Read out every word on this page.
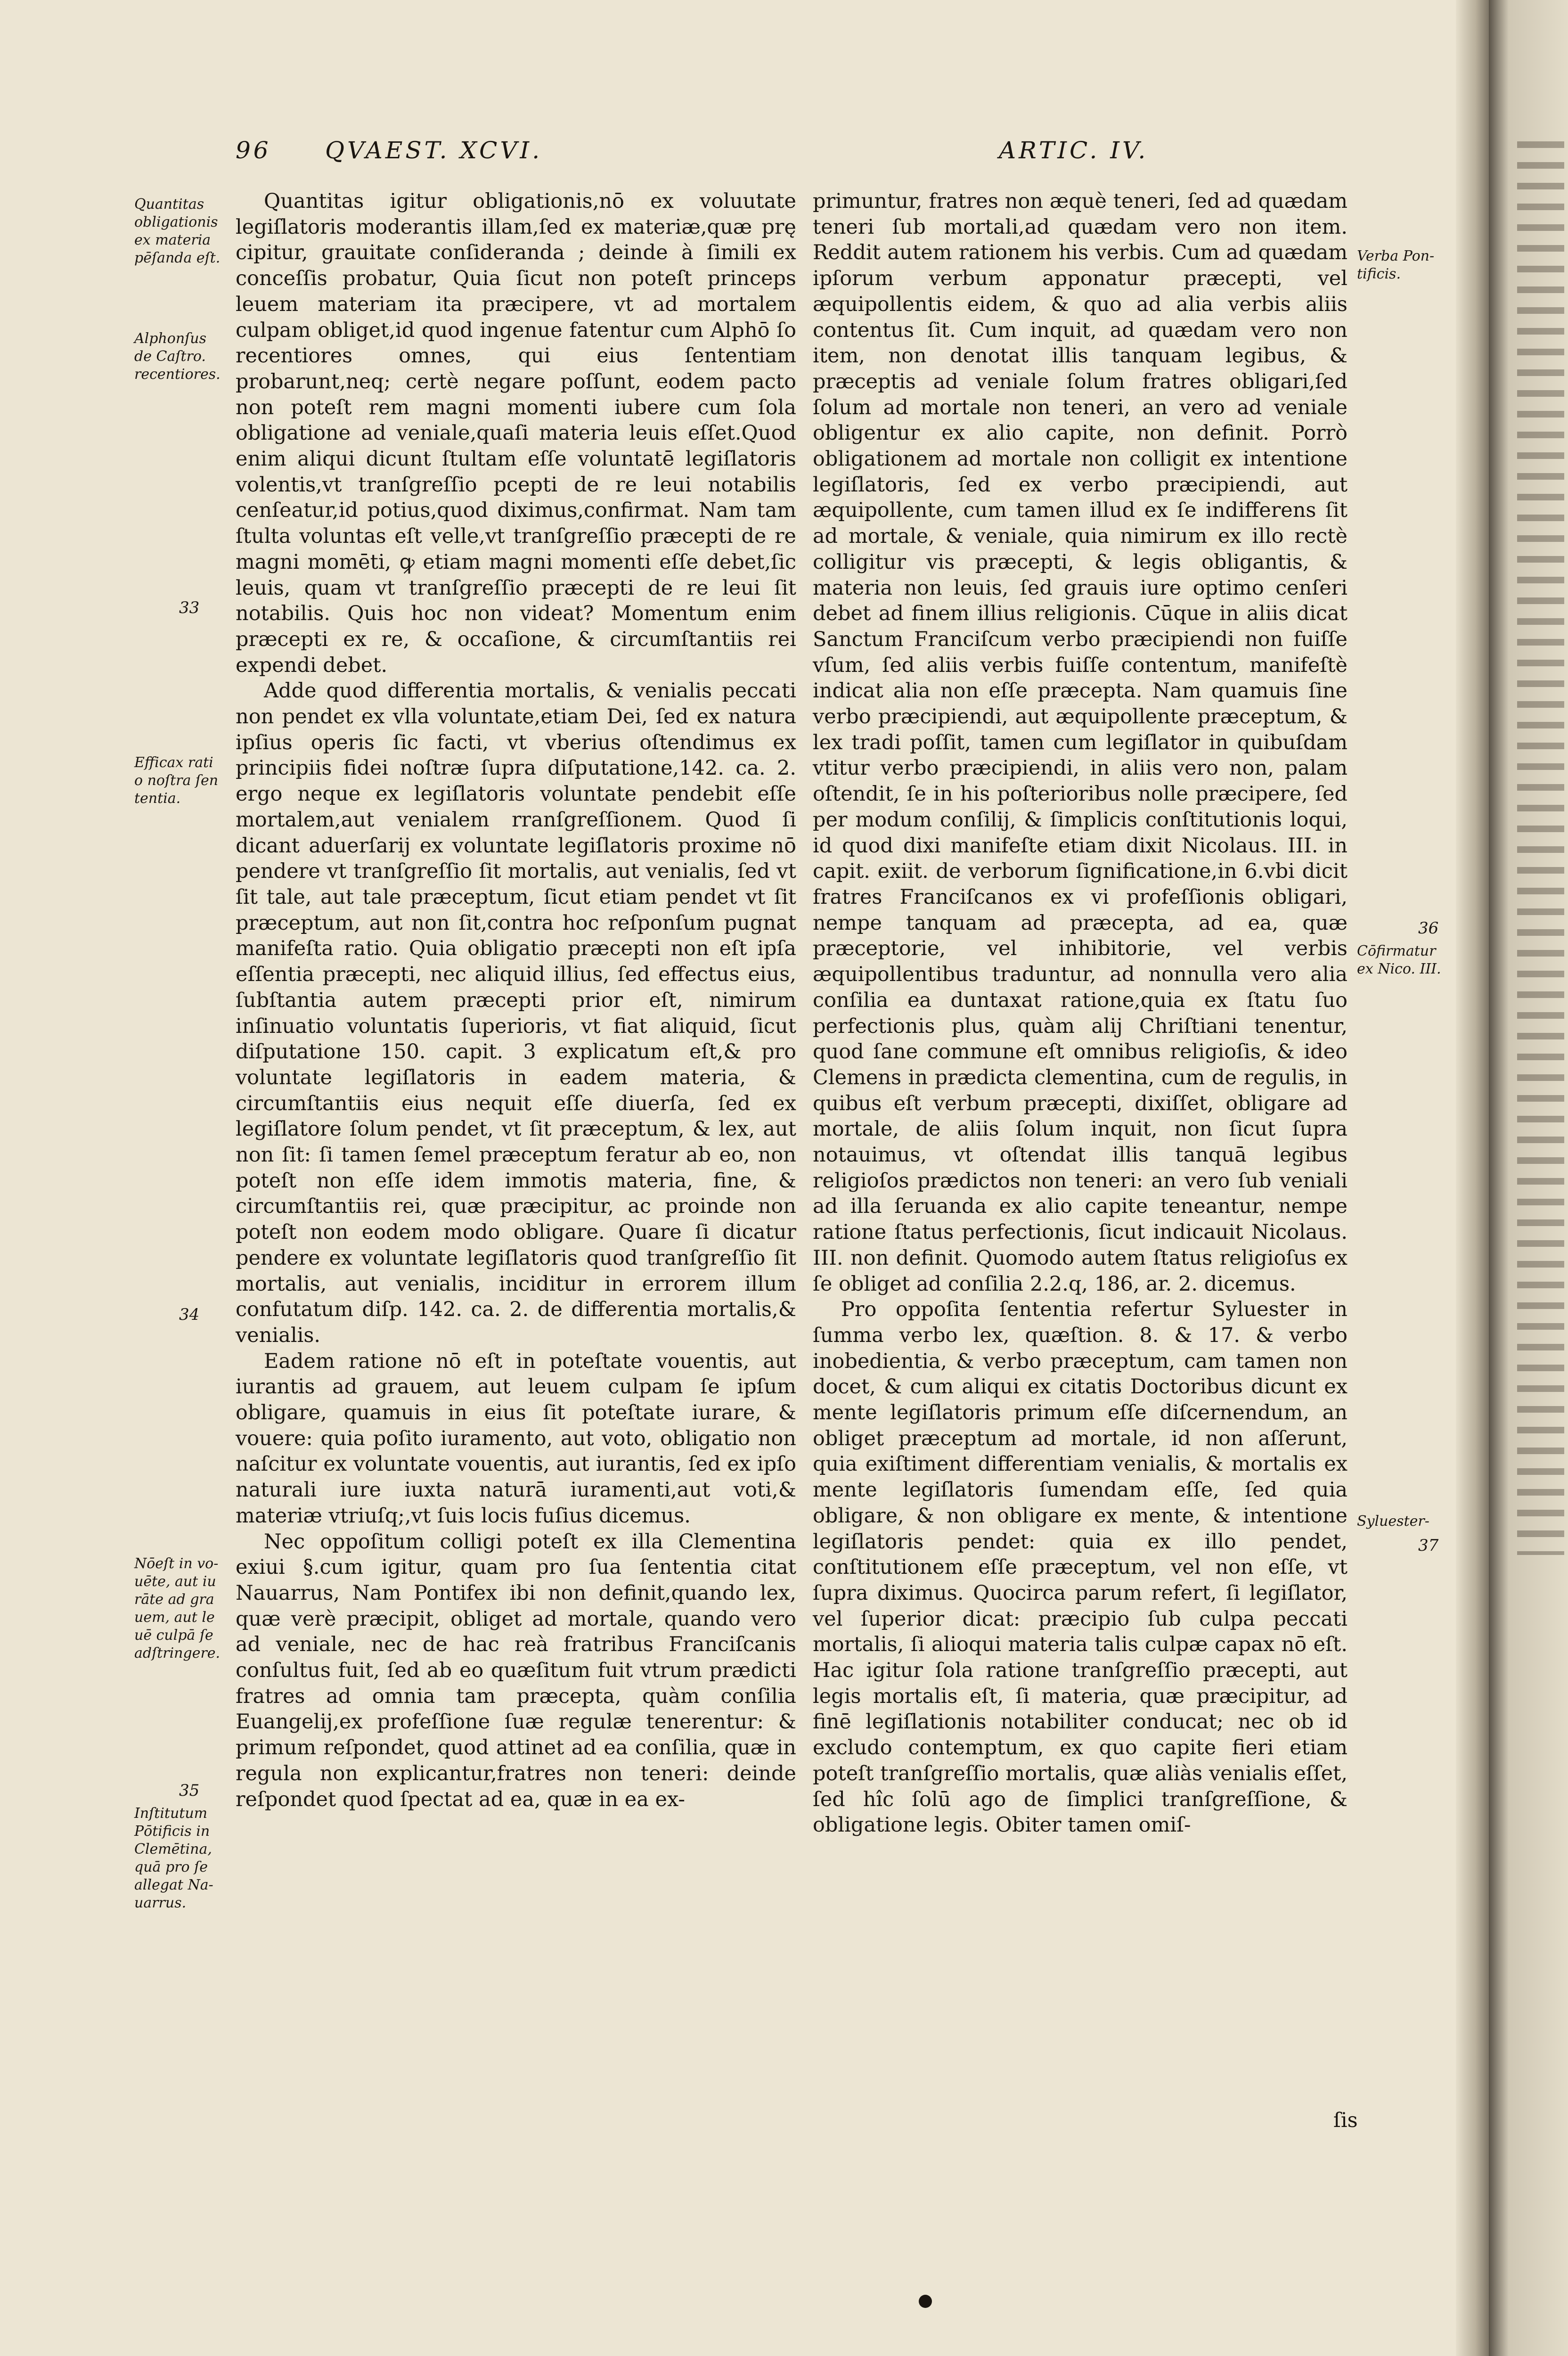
96 QVAEST. XCVI.	ARTIC. IV.

Quantitas igitur obligationis,nō ex voluutate legiſlatoris moderantis illam,ſed ex materiæ,quæ prę cipitur, grauitate conſideranda ; deinde à ſimili ex conceſſis probatur, Quia ſicut non poteſt princeps leuem materiam ita præcipere, vt ad mortalem culpam obliget,id quod ingenue fatentur cum Alphō ſo recentiores omnes, qui eius ſententiam probarunt,neq; certè negare poſſunt, eodem pacto non poteſt rem magni momenti iubere cum ſola obligatione ad veniale,quaſi materia leuis eſſet.Quod enim aliqui dicunt ſtultam eſſe voluntatē legiſlatoris volentis,vt tranſgreſſio pcepti de re leui notabilis cenſeatur,id potius,quod diximus,confirmat. Nam tam ſtulta voluntas eſt velle,vt tranſgreſſio præcepti de re magni momēti, ꝙ etiam magni momenti eſſe debet,ſic leuis, quam vt tranſgreſſio præcepti de re leui ſit notabilis. Quis hoc non videat? Momentum enim præcepti ex re, & occaſione, & circumſtantiis rei expendi debet.

Adde quod differentia mortalis, & venialis peccati non pendet ex vlla voluntate,etiam Dei, ſed ex natura ipſius operis ſic facti, vt vberius oſtendimus ex principiis fidei noſtræ ſupra diſputatione,142. ca. 2. ergo neque ex legiſlatoris voluntate pendebit eſſe mortalem,aut venialem rranſgreſſionem. Quod ſi dicant aduerſarij ex voluntate legiſlatoris proxime nō pendere vt tranſgreſſio ſit mortalis, aut venialis, ſed vt ſit tale, aut tale præceptum, ſicut etiam pendet vt ſit præceptum, aut non ſit,contra hoc reſponſum pugnat manifeſta ratio. Quia obligatio præcepti non eſt ipſa eſſentia præcepti, nec aliquid illius, ſed effectus eius, ſubſtantia autem præcepti prior eſt, nimirum inſinuatio voluntatis ſuperioris, vt fiat aliquid, ſicut diſputatione 150. capit. 3 explicatum eſt,& pro voluntate legiſlatoris in eadem materia, & circumſtantiis eius nequit eſſe diuerſa, ſed ex legiſlatore ſolum pendet, vt ſit præceptum, & lex, aut non ſit: ſi tamen ſemel præceptum feratur ab eo, non poteſt non eſſe idem immotis materia, fine, & circumſtantiis rei, quæ præcipitur, ac proinde non poteſt non eodem modo obligare. Quare ſi dicatur pendere ex voluntate legiſlatoris quod tranſgreſſio ſit mortalis, aut venialis, inciditur in errorem illum confutatum diſp. 142. ca. 2. de differentia mortalis,& venialis.

Eadem ratione nō eſt in poteſtate vouentis, aut iurantis ad grauem, aut leuem culpam ſe ipſum obligare, quamuis in eius ſit poteſtate iurare, & vouere: quia poſito iuramento, aut voto, obligatio non naſcitur ex voluntate vouentis, aut iurantis, ſed ex ipſo naturali iure iuxta naturā iuramenti,aut voti,& materiæ vtriuſq;,vt ſuis locis fuſius dicemus.

Nec oppoſitum colligi poteſt ex illa Clementina exiui §.cum igitur, quam pro ſua ſententia citat Nauarrus, Nam Pontifex ibi non definit,quando lex, quæ verè præcipit, obliget ad mortale, quando vero ad veniale, nec de hac reà fratribus Franciſcanis conſultus fuit, ſed ab eo quæſitum fuit vtrum prædicti fratres ad omnia tam præcepta, quàm conſilia Euangelij,ex profeſſione ſuæ regulæ tenerentur: & primum reſpondet, quod attinet ad ea conſilia, quæ in regula non explicantur,fratres non teneri: deinde reſpondet quod ſpectat ad ea, quæ in ea ex-

primuntur, fratres non æquè teneri, ſed ad quædam teneri ſub mortali,ad quædam vero non item. Reddit autem rationem his verbis. Cum ad quædam ipſorum verbum apponatur præcepti, vel æquipollentis eidem, & quo ad alia verbis aliis contentus ſit. Cum inquit, ad quædam vero non item, non denotat illis tanquam legibus, & præceptis ad veniale ſolum fratres obligari,ſed ſolum ad mortale non teneri, an vero ad veniale obligentur ex alio capite, non definit. Porrò obligationem ad mortale non colligit ex intentione legiſlatoris, ſed ex verbo præcipiendi, aut æquipollente, cum tamen illud ex ſe indifferens ſit ad mortale, & veniale, quia nimirum ex illo rectè colligitur vis præcepti, & legis obligantis, & materia non leuis, ſed grauis iure optimo cenſeri debet ad finem illius religionis. Cūque in aliis dicat Sanctum Franciſcum verbo præcipiendi non fuiſſe vſum, ſed aliis verbis fuiſſe contentum, manifeſtè indicat alia non eſſe præcepta. Nam quamuis ſine verbo præcipiendi, aut æquipollente præceptum, & lex tradi poſſit, tamen cum legiſlator in quibuſdam vtitur verbo præcipiendi, in aliis vero non, palam oſtendit, ſe in his poſterioribus nolle præcipere, ſed per modum conſilij, & ſimplicis conſtitutionis loqui, id quod dixi manifeſte etiam dixit Nicolaus. III. in capit. exiit. de verborum ſignificatione,in 6.vbi dicit fratres Franciſcanos ex vi profeſſionis obligari, nempe tanquam ad præcepta, ad ea, quæ præceptorie, vel inhibitorie, vel verbis æquipollentibus traduntur, ad nonnulla vero alia conſilia ea duntaxat ratione,quia ex ſtatu ſuo perfectionis plus, quàm alij Chriſtiani tenentur, quod ſane commune eſt omnibus religioſis, & ideo Clemens in prædicta clementina, cum de regulis, in quibus eſt verbum præcepti, dixiſſet, obligare ad mortale, de aliis ſolum inquit, non ſicut ſupra notauimus, vt oſtendat illis tanquā legibus religioſos prædictos non teneri: an vero ſub veniali ad illa ſeruanda ex alio capite teneantur, nempe ratione ſtatus perfectionis, ſicut indicauit Nicolaus. III. non definit. Quomodo autem ſtatus religioſus ex ſe obliget ad conſilia 2.2.q, 186, ar. 2. dicemus.

Pro oppoſita ſententia refertur Syluester in ſumma verbo lex, quæſtion. 8. & 17. & verbo inobedientia, & verbo præceptum, cam tamen non docet, & cum aliqui ex citatis Doctoribus dicunt ex mente legiſlatoris primum eſſe diſcernendum, an obliget præceptum ad mortale, id non aſſerunt, quia exiſtiment differentiam venialis, & mortalis ex mente legiſlatoris ſumendam eſſe, ſed quia obligare, & non obligare ex mente, & intentione legiſlatoris pendet: quia ex illo pendet, conſtitutionem eſſe præceptum, vel non eſſe, vt ſupra diximus. Quocirca parum refert, ſi legiſlator, vel ſuperior dicat: præcipio ſub culpa peccati mortalis, ſi alioqui materia talis culpæ capax nō eſt. Hac igitur ſola ratione tranſgreſſio præcepti, aut legis mortalis eſt, ſi materia, quæ præcipitur, ad finē legiſlationis notabiliter conducat; nec ob id excludo contemptum, ex quo capite fieri etiam poteſt tranſgreſſio mortalis, quæ aliàs venialis eſſet, ſed hîc ſolū ago de ſimplici tranſgreſſione, & obligatione legis. Obiter tamen omiſ-

ſis
Quantitas
obligationis
ex materia
pēſanda eſt.
Alphonſus
de Caſtro.
recentiores.
33
Efficax rati
o noſtra ſen
tentia.
34
Nōeſt in vo-
uēte, aut iu
rāte ad gra
uem, aut le
uē culpā ſe
adſtringere.
35
Inſtitutum
Pōtificis in
Clemētina,
quā pro ſe
allegat Na-
uarrus.
Verba Pon-
tificis.
36
Cōfirmatur
ex Nico. III.
Syluester-
37
